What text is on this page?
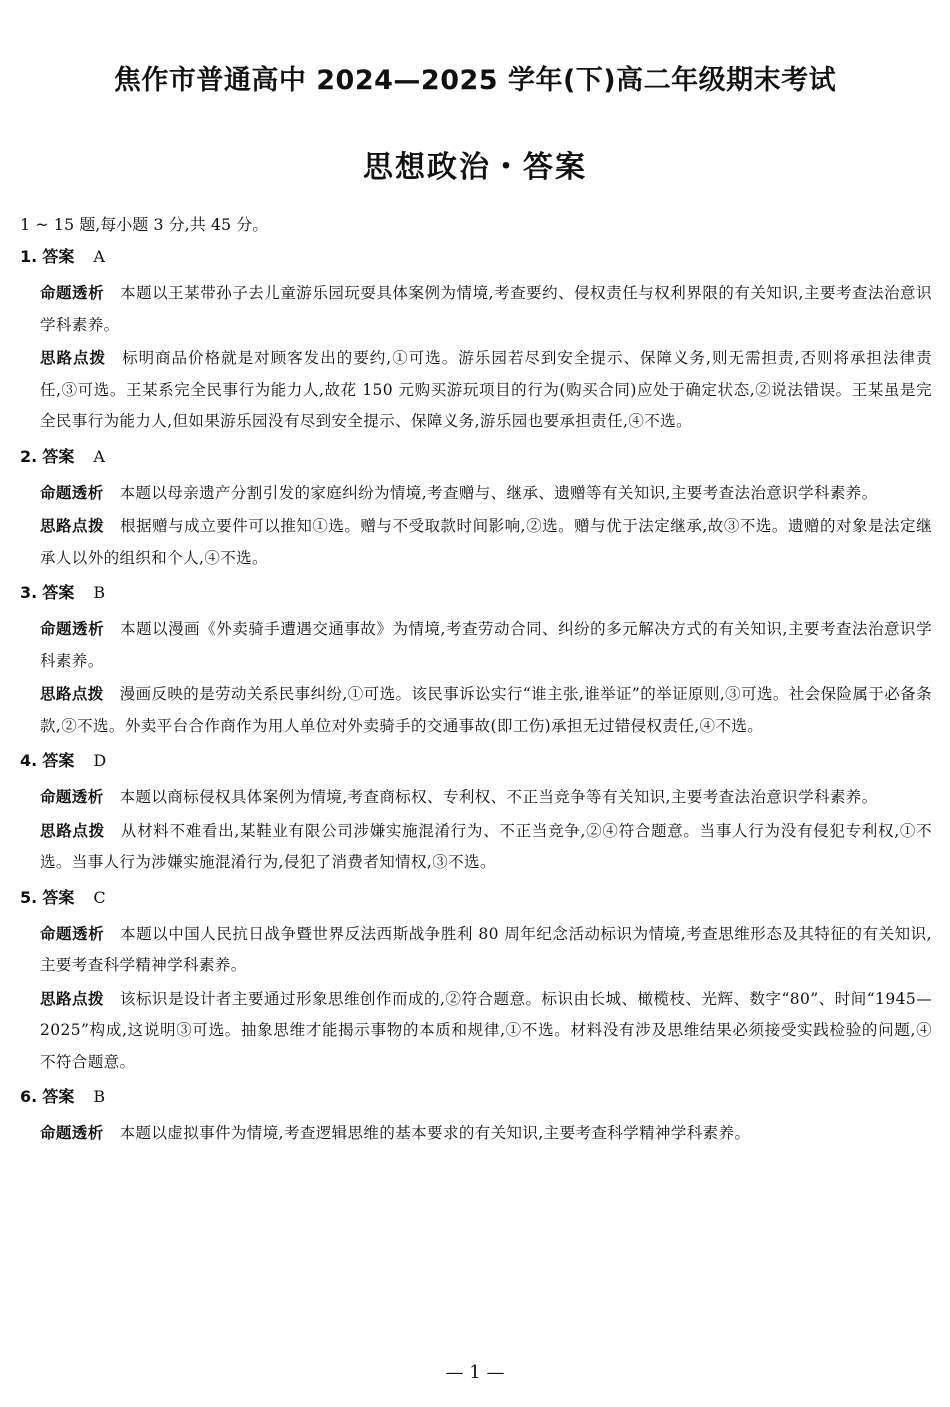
焦作市普通高中 2024—2025 学年(下)高二年级期末考试
思想政治・答案
1 ~ 15 题,每小题 3 分,共 45 分。
1. 答案 A
命题透析 本题以王某带孙子去儿童游乐园玩耍具体案例为情境,考查要约、侵权责任与权利界限的有关知识,主要考查法治意识学科素养。
思路点拨 标明商品价格就是对顾客发出的要约,①可选。游乐园若尽到安全提示、保障义务,则无需担责,否则将承担法律责任,③可选。王某系完全民事行为能力人,故花 150 元购买游玩项目的行为(购买合同)应处于确定状态,②说法错误。王某虽是完全民事行为能力人,但如果游乐园没有尽到安全提示、保障义务,游乐园也要承担责任,④不选。
2. 答案 A
命题透析 本题以母亲遗产分割引发的家庭纠纷为情境,考查赠与、继承、遗赠等有关知识,主要考查法治意识学科素养。
思路点拨 根据赠与成立要件可以推知①选。赠与不受取款时间影响,②选。赠与优于法定继承,故③不选。遗赠的对象是法定继承人以外的组织和个人,④不选。
3. 答案 B
命题透析 本题以漫画《外卖骑手遭遇交通事故》为情境,考查劳动合同、纠纷的多元解决方式的有关知识,主要考查法治意识学科素养。
思路点拨 漫画反映的是劳动关系民事纠纷,①可选。该民事诉讼实行“谁主张,谁举证”的举证原则,③可选。社会保险属于必备条款,②不选。外卖平台合作商作为用人单位对外卖骑手的交通事故(即工伤)承担无过错侵权责任,④不选。
4. 答案 D
命题透析 本题以商标侵权具体案例为情境,考查商标权、专利权、不正当竞争等有关知识,主要考查法治意识学科素养。
思路点拨 从材料不难看出,某鞋业有限公司涉嫌实施混淆行为、不正当竞争,②④符合题意。当事人行为没有侵犯专利权,①不选。当事人行为涉嫌实施混淆行为,侵犯了消费者知情权,③不选。
5. 答案 C
命题透析 本题以中国人民抗日战争暨世界反法西斯战争胜利 80 周年纪念活动标识为情境,考查思维形态及其特征的有关知识,主要考查科学精神学科素养。
思路点拨 该标识是设计者主要通过形象思维创作而成的,②符合题意。标识由长城、橄榄枝、光辉、数字“80”、时间“1945—2025”构成,这说明③可选。抽象思维才能揭示事物的本质和规律,①不选。材料没有涉及思维结果必须接受实践检验的问题,④不符合题意。
6. 答案 B
命题透析 本题以虚拟事件为情境,考查逻辑思维的基本要求的有关知识,主要考查科学精神学科素养。
— 1 —
